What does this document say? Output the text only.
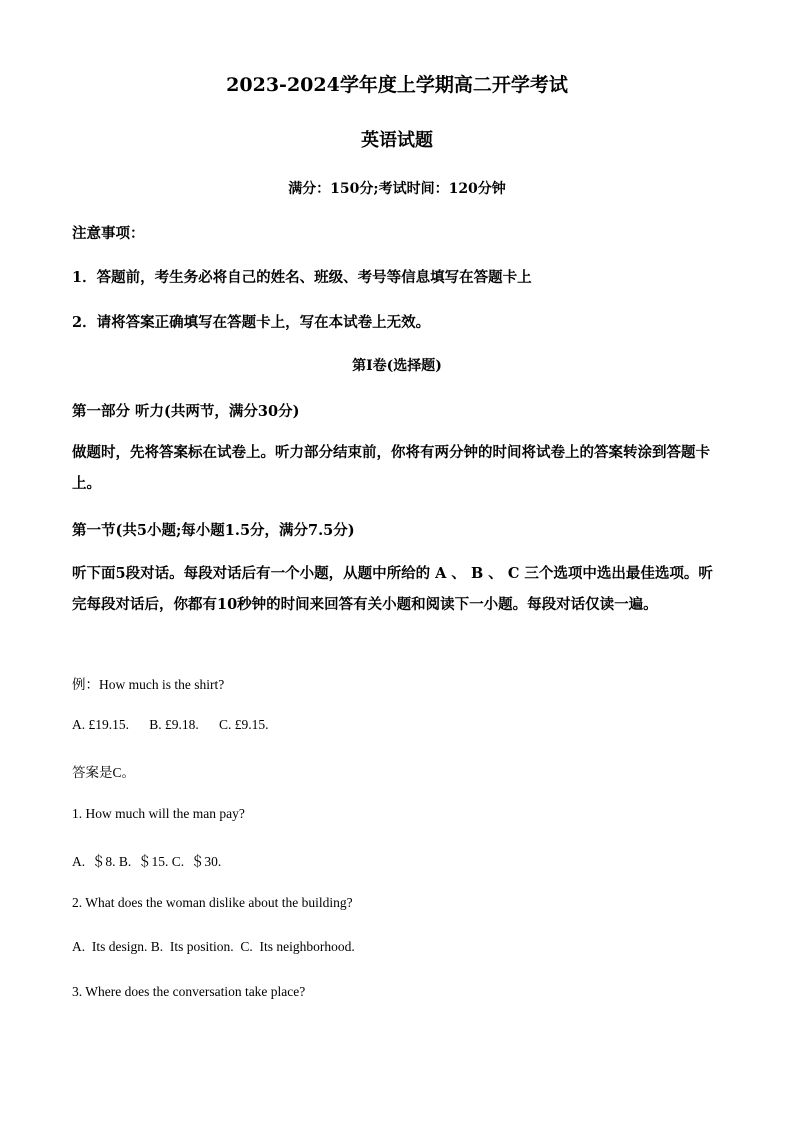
2023-2024学年度上学期高二开学考试
英语试题
满分：150分;考试时间：120分钟
注意事项：
1．答题前，考生务必将自己的姓名、班级、考号等信息填写在答题卡上
2．请将答案正确填写在答题卡上，写在本试卷上无效。
第I卷(选择题)
第一部分 听力(共两节，满分30分)
做题时，先将答案标在试卷上。听力部分结束前，你将有两分钟的时间将试卷上的答案转涂到答题卡上。
第一节(共5小题;每小题1.5分，满分7.5分)
听下面5段对话。每段对话后有一个小题，从题中所给的 A 、 B 、 C 三个选项中选出最佳选项。听完每段对话后，你都有10秒钟的时间来回答有关小题和阅读下一小题。每段对话仅读一遍。
例：How much is the shirt?
A. £19.15.      B. £9.18.      C. £9.15.
答案是C。
1. How much will the man pay?
A.  ＄8. B.  ＄15. C.  ＄30.
2. What does the woman dislike about the building?
A.  Its design. B.  Its position.  C.  Its neighborhood.
3. Where does the conversation take place?
